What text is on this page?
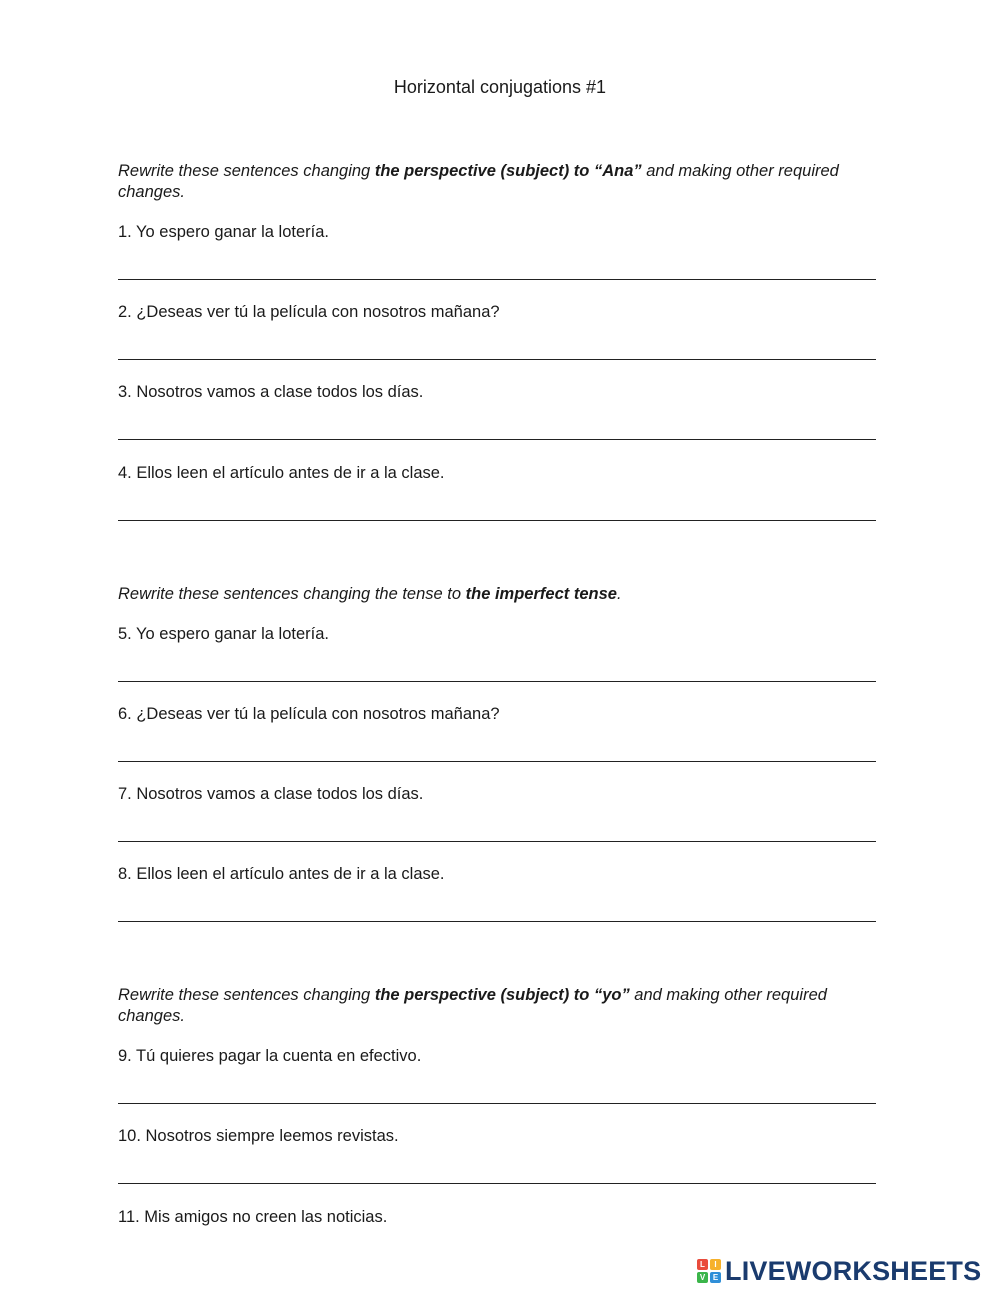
Horizontal conjugations #1
Rewrite these sentences changing the perspective (subject) to “Ana” and making other required changes.
1. Yo espero ganar la lotería.
2. ¿Deseas ver tú la película con nosotros mañana?
3. Nosotros vamos a clase todos los días.
4. Ellos leen el artículo antes de ir a la clase.
Rewrite these sentences changing the tense to the imperfect tense.
5. Yo espero ganar la lotería.
6. ¿Deseas ver tú la película con nosotros mañana?
7. Nosotros vamos a clase todos los días.
8. Ellos leen el artículo antes de ir a la clase.
Rewrite these sentences changing the perspective (subject) to “yo” and making other required changes.
9. Tú quieres pagar la cuenta en efectivo.
10. Nosotros siempre leemos revistas.
11. Mis amigos no creen las noticias.
L	I
V E LIVEWORKSHEETS
